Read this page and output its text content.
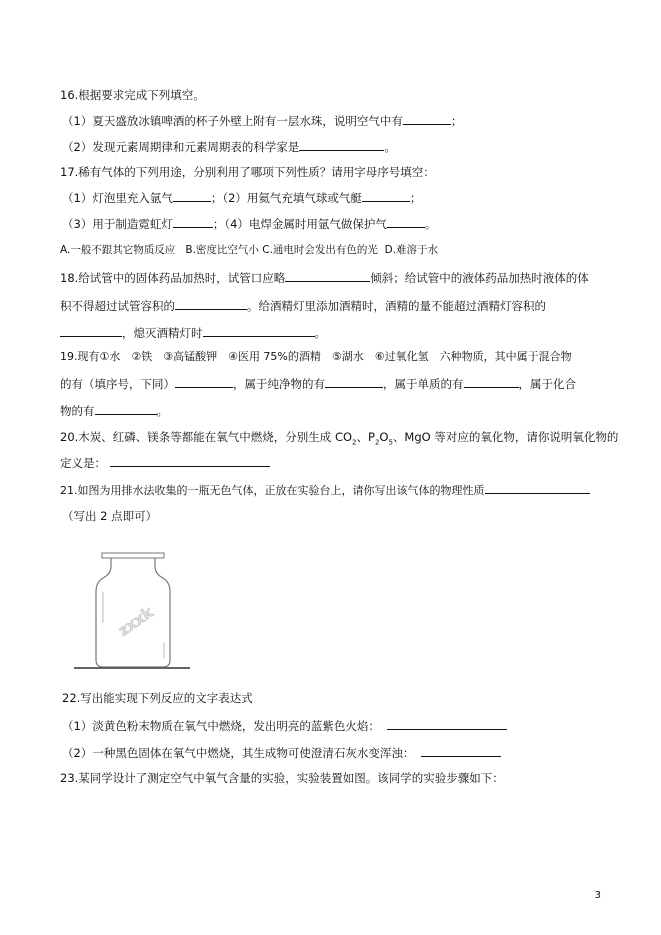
16.根据要求完成下列填空。
（1）夏天盛放冰镇啤酒的杯子外壁上附有一层水珠，说明空气中有	；
（2）发现元素周期律和元素周期表的科学家是	。
17.稀有气体的下列用途，分别利用了哪项下列性质？请用字母序号填空：
（1）灯泡里充入氩气	；（2）用氦气充填气球或气艇	；
（3）用于制造霓虹灯	；（4）电焊金属时用氩气做保护气	。
A.一般不跟其它物质反应 B.密度比空气小 C.通电时会发出有色的光 D.难溶于水
18.给试管中的固体药品加热时，试管口应略	倾斜；给试管中的液体药品加热时液体的体
积不得超过试管容积的	。给酒精灯里添加酒精时，酒精的量不能超过酒精灯容积的
，熄灭酒精灯时	。
19.现有①水　②铁　③高锰酸钾　④医用 75%的酒精　⑤湖水　⑥过氧化氢　六种物质，其中属于混合物
的有（填序号，下同）	，属于纯净物的有	，属于单质的有	，属于化合
物的有	。
20.木炭、红磷、镁条等都能在氧气中燃烧，分别生成 $CO_2$、$P_2O_5$、MgO 等对应的氧化物，请你说明氧化物的
定义是：
21.如图为用排水法收集的一瓶无色气体，正放在实验台上，请你写出该气体的物理性质
（写出 2 点即可）
zxxk
22.写出能实现下列反应的文字表达式
（1）淡黄色粉末物质在氧气中燃烧，发出明亮的蓝紫色火焰：
（2）一种黑色固体在氧气中燃烧，其生成物可使澄清石灰水变浑浊：
23.某同学设计了测定空气中氧气含量的实验，实验装置如图。该同学的实验步骤如下：
3
